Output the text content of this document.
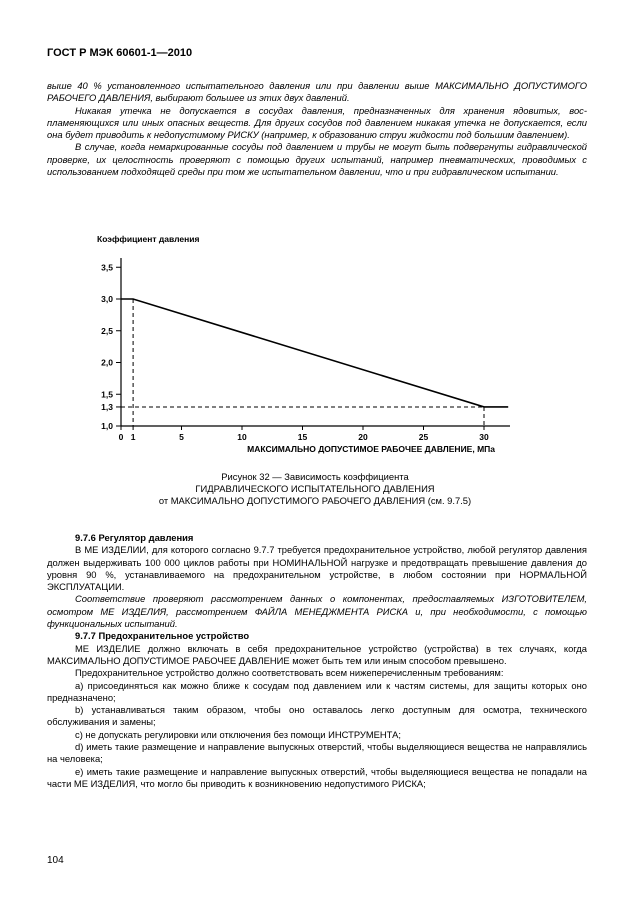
ГОСТ Р МЭК 60601-1—2010

выше 40 % установленного испытательного давления или при давлении выше МАКСИМАЛЬНО ДОПУСТИМОГО РАБОЧЕГО ДАВЛЕНИЯ, выбирают большее из этих двух давлений.

Никакая утечка не допускается в сосудах давления, предназначенных для хранения ядовитых, воспламеняющихся или иных опасных веществ. Для других сосудов под давлением никакая утечка не допускается, если она будет приводить к недопустимому РИСКУ (например, к образованию струи жидкости под большим давлением).

В случае, когда немаркированные сосуды под давлением и трубы не могут быть подвергнуты гидравлической проверке, их целостность проверяют с помощью других испытаний, например пневматических, проводимых с использованием подходящей среды при том же испытательном давлении, что и при гидравлическом испытании.

Коэффициент давления
1,0
1,3
1,5
2,0
2,5
3,0
3,5
0 1	5	10	15	20	25	30
МАКСИМАЛЬНО ДОПУСТИМОЕ РАБОЧЕЕ ДАВЛЕНИЕ, МПа
Рисунок 32 — Зависимость коэффициента
ГИДРАВЛИЧЕСКОГО ИСПЫТАТЕЛЬНОГО ДАВЛЕНИЯ
от МАКСИМАЛЬНО ДОПУСТИМОГО РАБОЧЕГО ДАВЛЕНИЯ (см. 9.7.5)

9.7.6 Регулятор давления

В МЕ ИЗДЕЛИИ, для которого согласно 9.7.7 требуется предохранительное устройство, любой регулятор давления должен выдерживать 100 000 циклов работы при НОМИНАЛЬНОЙ нагрузке и предотвращать превышение давления до уровня 90 %, устанавливаемого на предохранительном устройстве, в любом состоянии при НОРМАЛЬНОЙ ЭКСПЛУАТАЦИИ.

Соответствие проверяют рассмотрением данных о компонентах, предоставляемых ИЗГОТОВИТЕЛЕМ, осмотром МЕ ИЗДЕЛИЯ, рассмотрением ФАЙЛА МЕНЕДЖМЕНТА РИСКА и, при необходимости, с помощью функциональных испытаний.

9.7.7 Предохранительное устройство

МЕ ИЗДЕЛИЕ должно включать в себя предохранительное устройство (устройства) в тех случаях, когда МАКСИМАЛЬНО ДОПУСТИМОЕ РАБОЧЕЕ ДАВЛЕНИЕ может быть тем или иным способом превышено.

Предохранительное устройство должно соответствовать всем нижеперечисленным требованиям:

а) присоединяться как можно ближе к сосудам под давлением или к частям системы, для защиты которых оно предназначено;

b) устанавливаться таким образом, чтобы оно оставалось легко доступным для осмотра, технического обслуживания и замены;

c) не допускать регулировки или отключения без помощи ИНСТРУМЕНТА;

d) иметь такие размещение и направление выпускных отверстий, чтобы выделяющиеся вещества не направлялись на человека;

e) иметь такие размещение и направление выпускных отверстий, чтобы выделяющиеся вещества не попадали на части МЕ ИЗДЕЛИЯ, что могло бы приводить к возникновению недопустимого РИСКА;

104
